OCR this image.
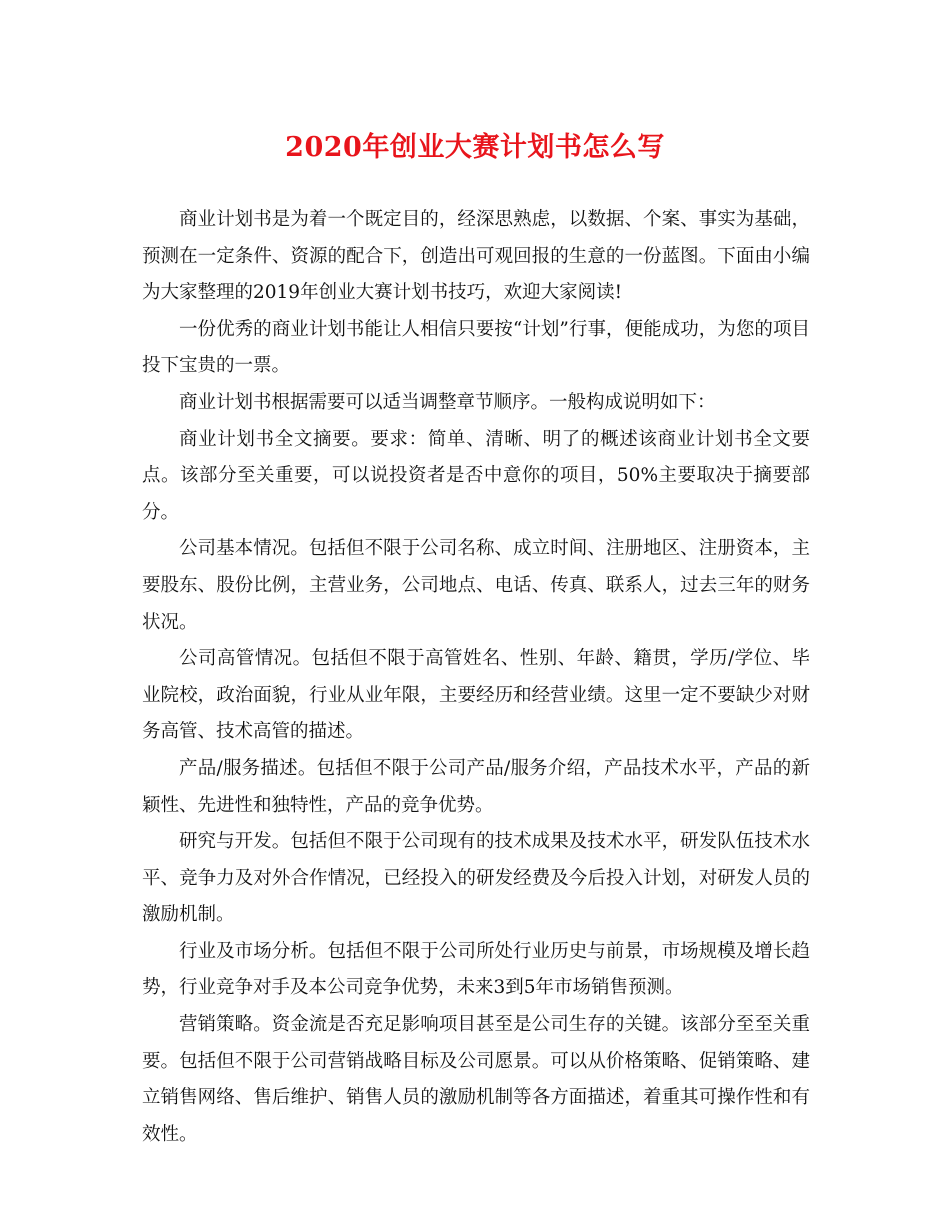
2020年创业大赛计划书怎么写

商业计划书是为着一个既定目的，经深思熟虑，以数据、个案、事实为基础，预测在一定条件、资源的配合下，创造出可观回报的生意的一份蓝图。下面由小编为大家整理的2019年创业大赛计划书技巧，欢迎大家阅读!

一份优秀的商业计划书能让人相信只要按“计划”行事，便能成功，为您的项目投下宝贵的一票。

商业计划书根据需要可以适当调整章节顺序。一般构成说明如下：

商业计划书全文摘要。要求：简单、清晰、明了的概述该商业计划书全文要点。该部分至关重要，可以说投资者是否中意你的项目，50%主要取决于摘要部分。

公司基本情况。包括但不限于公司名称、成立时间、注册地区、注册资本，主要股东、股份比例，主营业务，公司地点、电话、传真、联系人，过去三年的财务状况。

公司高管情况。包括但不限于高管姓名、性别、年龄、籍贯，学历/学位、毕业院校，政治面貌，行业从业年限，主要经历和经营业绩。这里一定不要缺少对财务高管、技术高管的描述。

产品/服务描述。包括但不限于公司产品/服务介绍，产品技术水平，产品的新颖性、先进性和独特性，产品的竞争优势。

研究与开发。包括但不限于公司现有的技术成果及技术水平，研发队伍技术水平、竞争力及对外合作情况，已经投入的研发经费及今后投入计划，对研发人员的激励机制。

行业及市场分析。包括但不限于公司所处行业历史与前景，市场规模及增长趋势，行业竞争对手及本公司竞争优势，未来3到5年市场销售预测。

营销策略。资金流是否充足影响项目甚至是公司生存的关键。该部分至至关重要。包括但不限于公司营销战略目标及公司愿景。可以从价格策略、促销策略、建立销售网络、售后维护、销售人员的激励机制等各方面描述，着重其可操作性和有效性。
